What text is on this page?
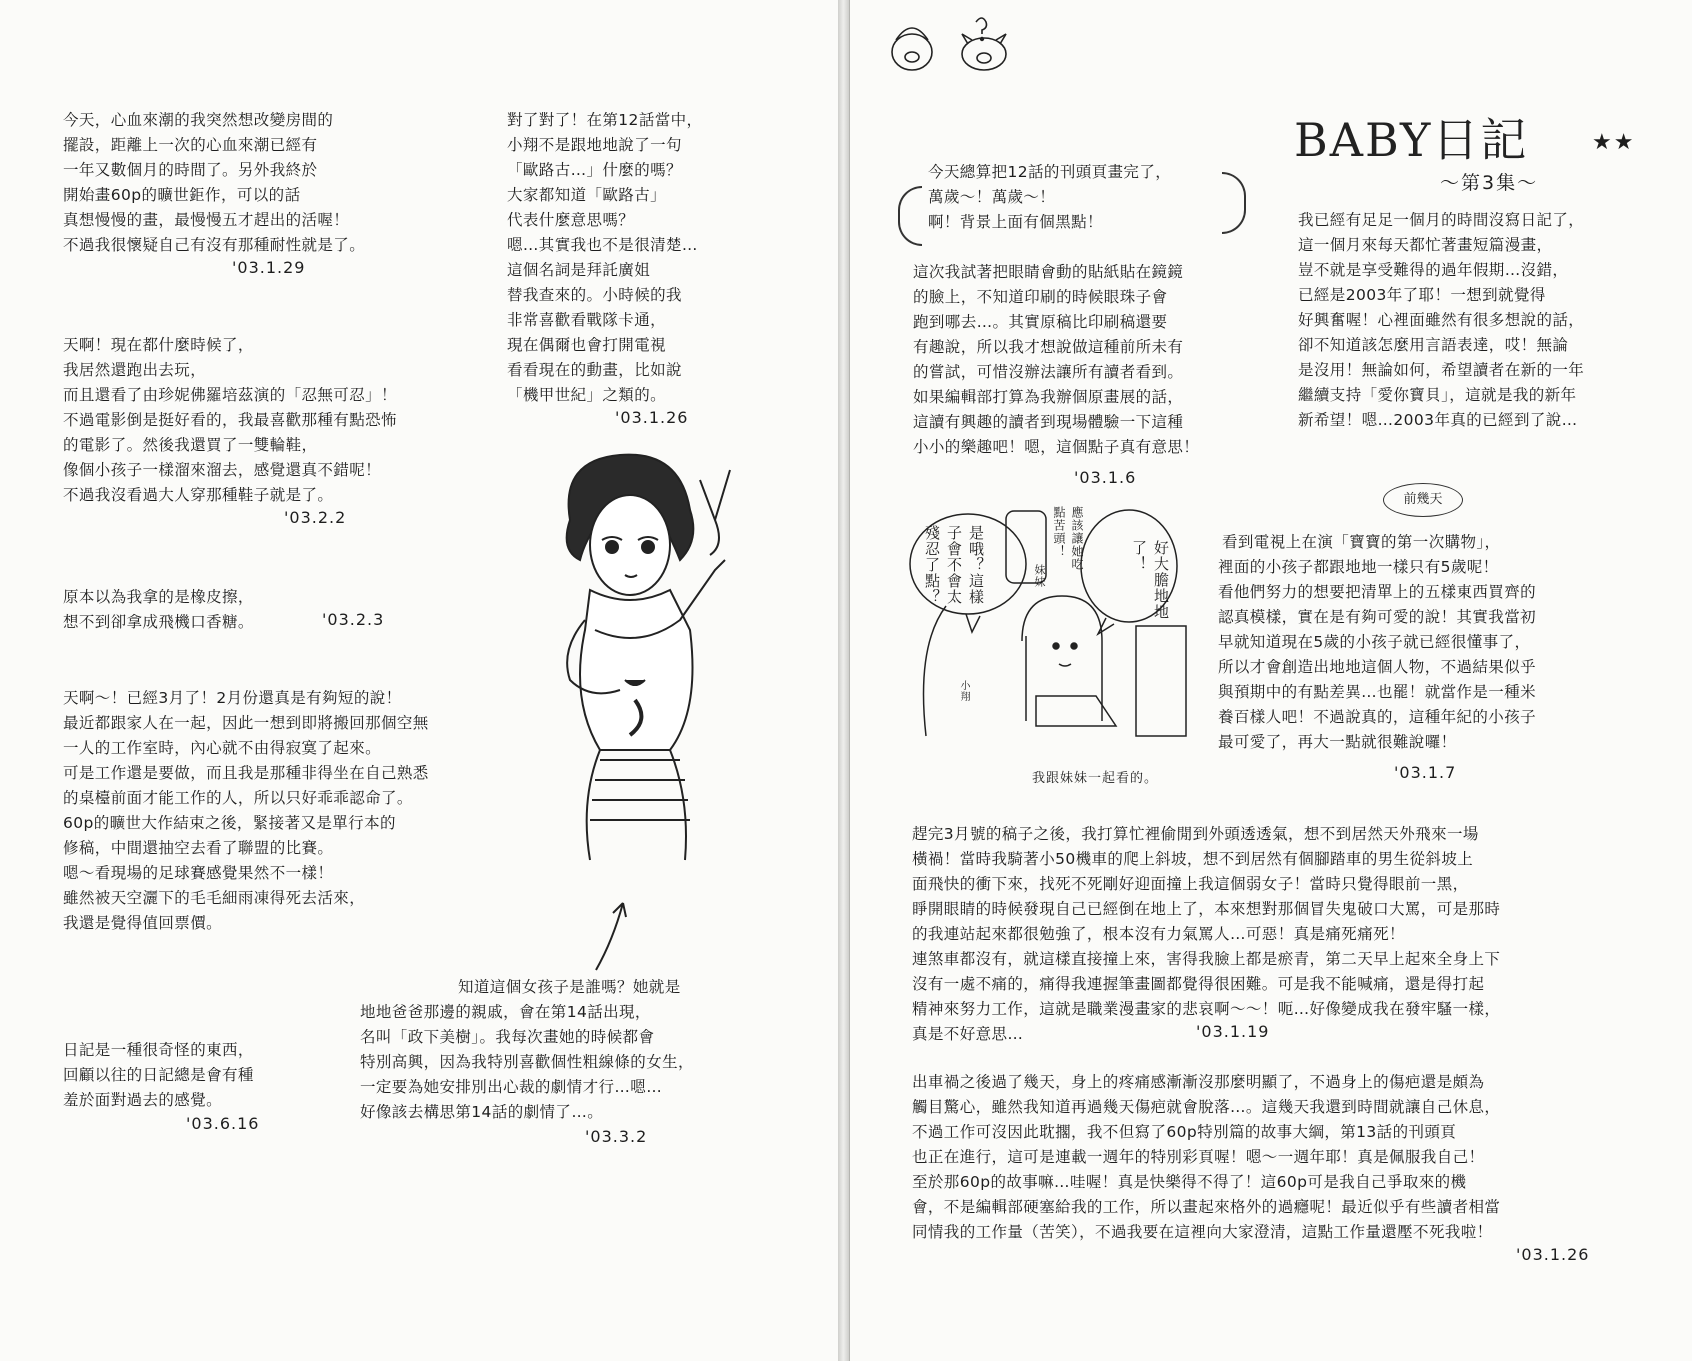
今天，心血來潮的我突然想改變房間的
擺設，距離上一次的心血來潮已經有
一年又數個月的時間了。另外我終於
開始畫60p的曠世鉅作，可以的話
真想慢慢的畫，最慢慢五才趕出的活喔！
不過我很懷疑自己有沒有那種耐性就是了。
'03.1.29
對了對了！在第12話當中，
小翔不是跟地地說了一句
「歐路古…」什麼的嗎？
大家都知道「歐路古」
代表什麼意思嗎？
嗯…其實我也不是很清楚…
這個名詞是拜託廣姐
替我查來的。小時候的我
非常喜歡看戰隊卡通，
現在偶爾也會打開電視
看看現在的動畫，比如說
「機甲世紀」之類的。
'03.1.26
天啊！現在都什麼時候了，
我居然還跑出去玩，
而且還看了由珍妮佛羅培茲演的「忍無可忍」！
不過電影倒是挺好看的，我最喜歡那種有點恐怖
的電影了。然後我還買了一雙輪鞋，
像個小孩子一樣溜來溜去，感覺還真不錯呢！
不過我沒看過大人穿那種鞋子就是了。
'03.2.2
原本以為我拿的是橡皮擦，
想不到卻拿成飛機口香糖。	'03.2.3
天啊～！已經3月了！2月份還真是有夠短的說！
最近都跟家人在一起，因此一想到即將搬回那個空無
一人的工作室時，內心就不由得寂寞了起來。
可是工作還是要做，而且我是那種非得坐在自己熟悉
的桌檯前面才能工作的人，所以只好乖乖認命了。
60p的曠世大作結束之後，緊接著又是單行本的
修稿，中間還抽空去看了聯盟的比賽。
嗯～看現場的足球賽感覺果然不一樣！
雖然被天空灑下的毛毛細雨凍得死去活來，
我還是覺得值回票價。
日記是一種很奇怪的東西，
回顧以往的日記總是會有種
羞於面對過去的感覺。
'03.6.16
知道這個女孩子是誰嗎？她就是
地地爸爸那邊的親戚，會在第14話出現，
名叫「政下美樹」。我每次畫她的時候都會
特別高興，因為我特別喜歡個性粗線條的女生，
一定要為她安排別出心裁的劇情才行…嗯…
好像該去構思第14話的劇情了…。
'03.3.2
BABY日記	★★
～第3集～
我已經有足足一個月的時間沒寫日記了，
這一個月來每天都忙著畫短篇漫畫，
豈不就是享受難得的過年假期…沒錯，
已經是2003年了耶！一想到就覺得
好興奮喔！心裡面雖然有很多想說的話，
卻不知道該怎麼用言語表達，哎！無論
是沒用！無論如何，希望讀者在新的一年
繼續支持「愛你寶貝」，這就是我的新年
新希望！嗯…2003年真的已經到了說…
今天總算把12話的刊頭頁畫完了，
萬歲～！萬歲～！
啊！背景上面有個黑點！
這次我試著把眼睛會動的貼紙貼在鏡鏡
的臉上，不知道印刷的時候眼珠子會
跑到哪去…。其實原稿比印刷稿還要
有趣說，所以我才想說做這種前所未有
的嘗試，可惜沒辦法讓所有讀者看到。
如果編輯部打算為我辦個原畫展的話，
這讀有興趣的讀者到現場體驗一下這種
小小的樂趣吧！嗯，這個點子真有意思！
'03.1.6
是哦？這樣子會不會太殘忍了點？	應該讓她吃點苦頭！
好大膽地地了！
妹妹
小翔
我跟妹妹一起看的。
前幾天
看到電視上在演「寶寶的第一次購物」，
裡面的小孩子都跟地地一樣只有5歲呢！
看他們努力的想要把清單上的五樣東西買齊的
認真模樣，實在是有夠可愛的說！其實我當初
早就知道現在5歲的小孩子就已經很懂事了，
所以才會創造出地地這個人物，不過結果似乎
與預期中的有點差異…也罷！就當作是一種米
養百樣人吧！不過說真的，這種年紀的小孩子
最可愛了，再大一點就很難說囉！
'03.1.7
趕完3月號的稿子之後，我打算忙裡偷閒到外頭透透氣，想不到居然天外飛來一場
橫禍！當時我騎著小50機車的爬上斜坡，想不到居然有個腳踏車的男生從斜坡上
面飛快的衝下來，找死不死剛好迎面撞上我這個弱女子！當時只覺得眼前一黑，
睜開眼睛的時候發現自己已經倒在地上了，本來想對那個冒失鬼破口大罵，可是那時
的我連站起來都很勉強了，根本沒有力氣罵人…可惡！真是痛死痛死！
連煞車都沒有，就這樣直接撞上來，害得我臉上都是瘀青，第二天早上起來全身上下
沒有一處不痛的，痛得我連握筆畫圖都覺得很困難。可是我不能喊痛，還是得打起
精神來努力工作，這就是職業漫畫家的悲哀啊～～！呃…好像變成我在發牢騷一樣，
真是不好意思…	'03.1.19
出車禍之後過了幾天，身上的疼痛感漸漸沒那麼明顯了，不過身上的傷疤還是頗為
觸目驚心，雖然我知道再過幾天傷疤就會脫落…。這幾天我還到時間就讓自己休息，
不過工作可沒因此耽擱，我不但寫了60p特別篇的故事大綱，第13話的刊頭頁
也正在進行，這可是連載一週年的特別彩頁喔！嗯～一週年耶！真是佩服我自己！
至於那60p的故事嘛…哇喔！真是快樂得不得了！這60p可是我自己爭取來的機
會，不是編輯部硬塞給我的工作，所以畫起來格外的過癮呢！最近似乎有些讀者相當
同情我的工作量（苦笑），不過我要在這裡向大家澄清，這點工作量還壓不死我啦！
'03.1.26
